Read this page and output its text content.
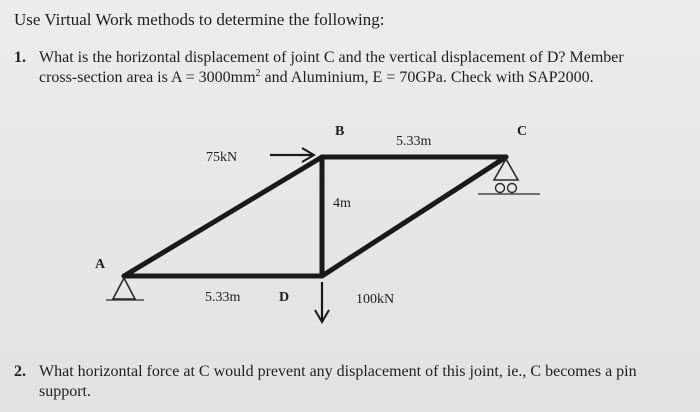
Use Virtual Work methods to determine the following:
1. What is the horizontal displacement of joint C and the vertical displacement of D? Member
cross-section area is $A = 3000mm^2$ and Aluminium, E = 70GPa. Check with SAP2000.
B	C
A
D
5.33m
5.33m
4m
75kN
100kN
2. What horizontal force at C would prevent any displacement of this joint, ie., C becomes a pin
support.
